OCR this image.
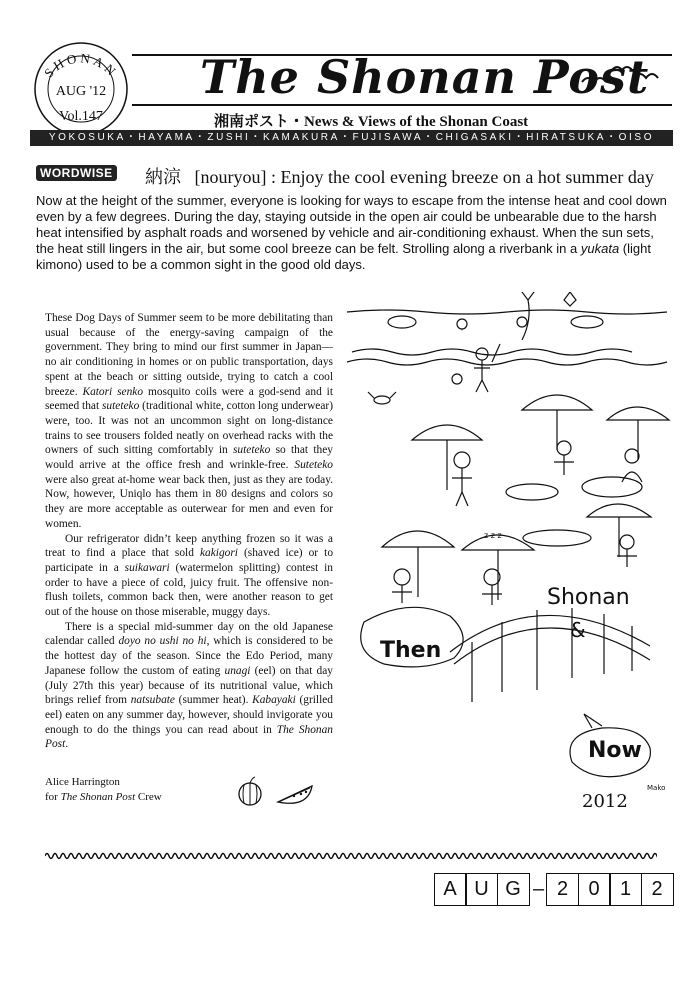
SHONAN
AUG '12
Vol.147
The Shonan Post
湘南ポスト・News & Views of the Shonan Coast
YOKOSUKA・HAYAMA・ZUSHI・KAMAKURA・FUJISAWA・CHIGASAKI・HIRATSUKA・OISO
WORDWISE 納涼 [nouryou] : Enjoy the cool evening breeze on a hot summer day
Now at the height of the summer, everyone is looking for ways to escape from the intense heat and cool down even by a few degrees. During the day, staying outside in the open air could be unbearable due to the harsh heat intensified by asphalt roads and worsened by vehicle and air-conditioning exhaust. When the sun sets, the heat still lingers in the air, but some cool breeze can be felt. Strolling along a riverbank in a yukata (light kimono) used to be a common sight in the good old days.

These Dog Days of Summer seem to be more debilitating than usual because of the energy-saving campaign of the government. They bring to mind our first summer in Japan—no air conditioning in homes or on public transportation, days spent at the beach or sitting outside, trying to catch a cool breeze. Katori senko mosquito coils were a god-send and it seemed that suteteko (traditional white, cotton long underwear) were, too. It was not an uncommon sight on long-distance trains to see trousers folded neatly on overhead racks with the owners of such sitting comfortably in suteteko so that they would arrive at the office fresh and wrinkle-free. Suteteko were also great at-home wear back then, just as they are today. Now, however, Uniqlo has them in 80 designs and colors so they are more acceptable as outerwear for men and even for women.

Our refrigerator didn’t keep anything frozen so it was a treat to find a place that sold kakigori (shaved ice) or to participate in a suikawari (watermelon splitting) contest in order to have a piece of cold, juicy fruit. The offensive non-flush toilets, common back then, were another reason to get out of the house on those miserable, muggy days.

There is a special mid-summer day on the old Japanese calendar called doyo no ushi no hi, which is considered to be the hottest day of the season. Since the Edo Period, many Japanese follow the custom of eating unagi (eel) on that day (July 27th this year) because of its nutritional value, which brings relief from natsubate (summer heat). Kabayaki (grilled eel) eaten on any summer day, however, should invigorate you enough to do the things you can read about in The Shonan Post.

Alice Harrington
for The Shonan Post Crew
Then
Shonan
&
Now
2012
Mako
z z z
A U G – 2	0	1	2
